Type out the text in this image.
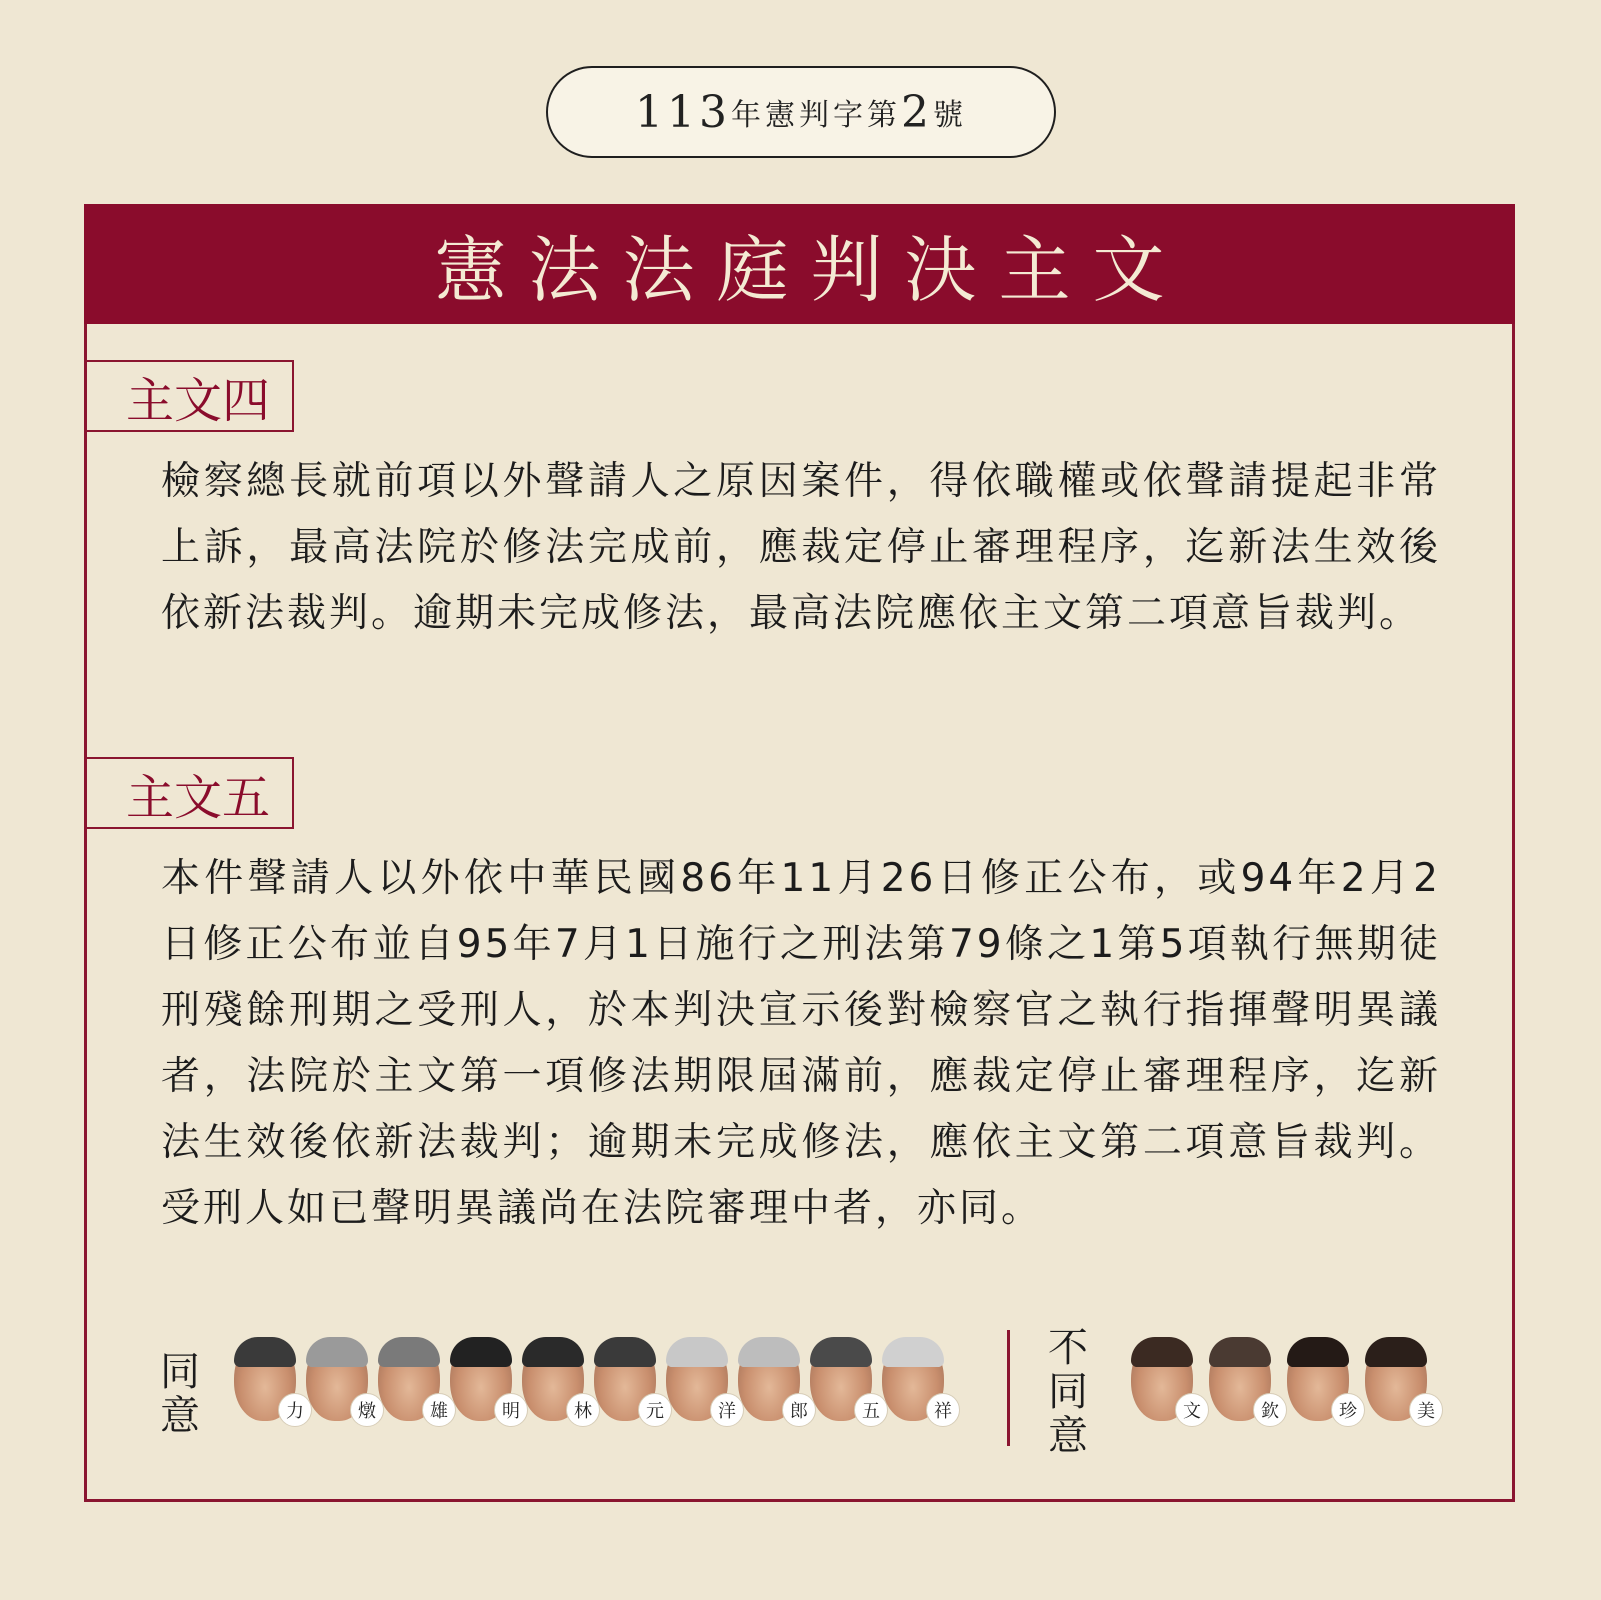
113 年憲判字第 2 號
憲法法庭判決主文
主文四

檢察總長就前項以外聲請人之原因案件，得依職權或依聲請提起非常上訴，最高法院於修法完成前，應裁定停止審理程序，迄新法生效後依新法裁判。逾期未完成修法，最高法院應依主文第二項意旨裁判。

主文五

本件聲請人以外依中華民國86年11月26日修正公布，或94年2月2日修正公布並自95年7月1日施行之刑法第79條之1第5項執行無期徒刑殘餘刑期之受刑人，於本判決宣示後對檢察官之執行指揮聲明異議者，法院於主文第一項修法期限屆滿前，應裁定停止審理程序，迄新法生效後依新法裁判；逾期未完成修法，應依主文第二項意旨裁判。受刑人如已聲明異議尚在法院審理中者，亦同。

同意	力	燉	雄	明	林	元	洋	郎	五	祥
不同意
文	欽	珍	美
